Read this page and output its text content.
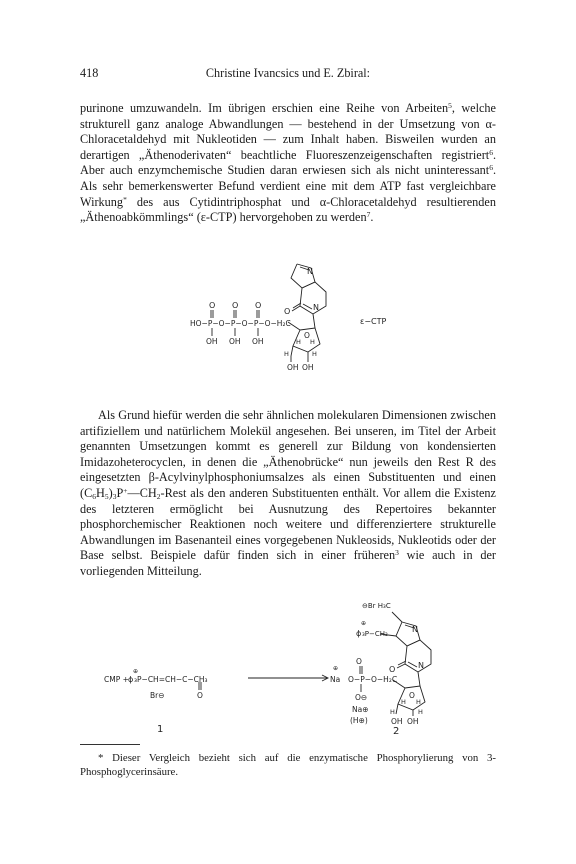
418	Christine Ivancsics und E. Zbiral:

purinone umzuwandeln. Im übrigen erschien eine Reihe von Arbeiten$^5$, welche strukturell ganz analoge Abwandlungen — bestehend in der Umsetzung von α-Chloracetaldehyd mit Nukleotiden — zum Inhalt haben. Bisweilen wurden an derartigen „Äthenoderivaten“ beachtliche Fluoreszenzeigenschaften registriert$^6$. Aber auch enzymchemische Studien daran erwiesen sich als nicht uninteressant$^6$. Als sehr bemerkenswerter Befund verdient eine mit dem ATP fast vergleichbare Wirkung* des aus Cytidintriphosphat und α-Chloracetaldehyd resultierenden „Äthenoabkömmlings“ (ε-CTP) hervorgehoben zu werden$^7$.

N
N
O
O O O
HO−P−O−P−O−P−O−H₂C
OH OH OH
O
H H
H	H
OH OH
ε−CTP

Als Grund hiefür werden die sehr ähnlichen molekularen Dimensionen zwischen artifiziellem und natürlichem Molekül angesehen. Bei unseren, im Titel der Arbeit genannten Umsetzungen kommt es generell zur Bildung von kondensierten Imidazoheterocyclen, in denen die „Äthenobrücke“ nun jeweils den Rest R des eingesetzten β-Acylvinylphosphoniumsalzes als einen Substituenten und einen $(C_6H_5)_3P^+—CH_2$-Rest als den anderen Substituenten enthält. Vor allem die Existenz des letzteren ermöglicht bei Ausnutzung des Repertoires bekannter phosphorchemischer Reaktionen noch weitere und differenziertere strukturelle Abwandlungen im Basenanteil eines vorgegebenen Nukleosids, Nukleotids oder der Base selbst. Beispiele dafür finden sich in einer früheren$^3$ wie auch in der vorliegenden Mitteilung.

CMP +
⊕
ϕ ₃P−CH=CH−C−CH₃
O
Br⊖
1
⊖Br H₃C
⊕
ϕ ₃P−CH₂	N
N
O
⊕
O
Na O−P−O−H₂C
O⊖
Na⊕
(H⊕)
O
H H
H	H
OH OH
2

* Dieser Vergleich bezieht sich auf die enzymatische Phosphorylierung von 3-Phosphoglycerinsäure.
